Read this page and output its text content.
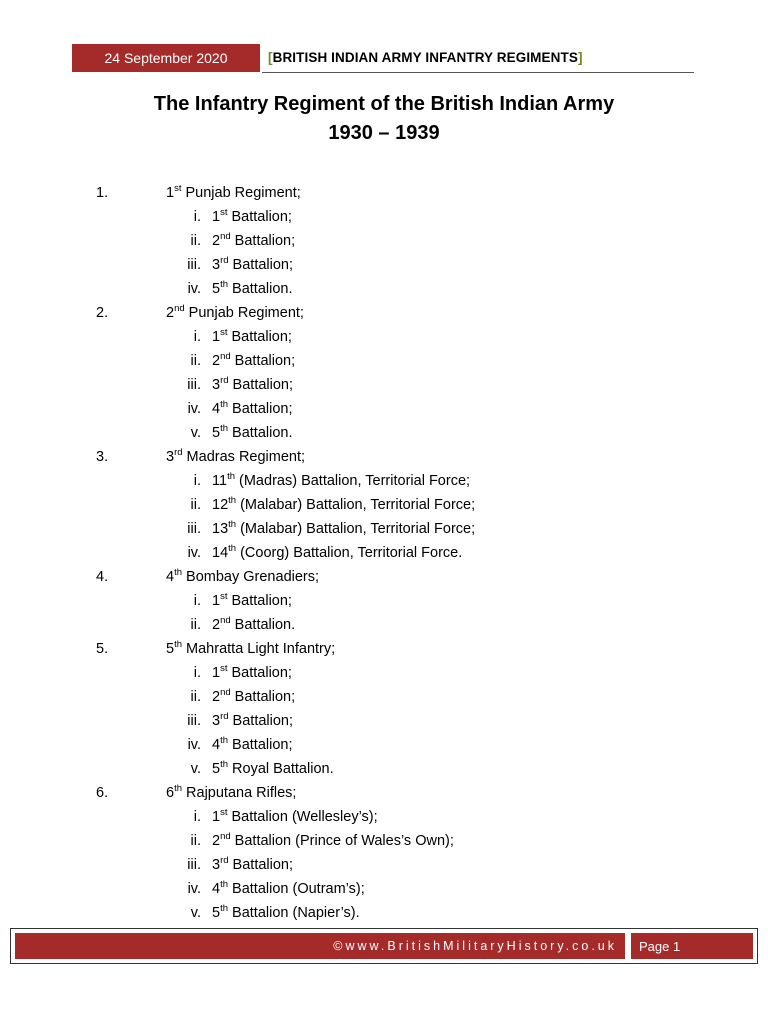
24 September 2020	[BRITISH INDIAN ARMY INFANTRY REGIMENTS]
The Infantry Regiment of the British Indian Army
1930 – 1939
1.	1st Punjab Regiment;
i. 1st Battalion;
ii. 2nd Battalion;
iii. 3rd Battalion;
iv. 5th Battalion.
2.	2nd Punjab Regiment;
i. 1st Battalion;
ii. 2nd Battalion;
iii. 3rd Battalion;
iv. 4th Battalion;
v. 5th Battalion.
3.	3rd Madras Regiment;
i. 11th (Madras) Battalion, Territorial Force;
ii. 12th (Malabar) Battalion, Territorial Force;
iii. 13th (Malabar) Battalion, Territorial Force;
iv. 14th (Coorg) Battalion, Territorial Force.
4.	4th Bombay Grenadiers;
i. 1st Battalion;
ii. 2nd Battalion.
5.	5th Mahratta Light Infantry;
i. 1st Battalion;
ii. 2nd Battalion;
iii. 3rd Battalion;
iv. 4th Battalion;
v. 5th Royal Battalion.
6.	6th Rajputana Rifles;
i. 1st Battalion (Wellesley’s);
ii. 2nd Battalion (Prince of Wales’s Own);
iii. 3rd Battalion;
iv. 4th Battalion (Outram’s);
v. 5th Battalion (Napier’s).
©www.BritishMilitaryHistory.co.uk	Page 1
